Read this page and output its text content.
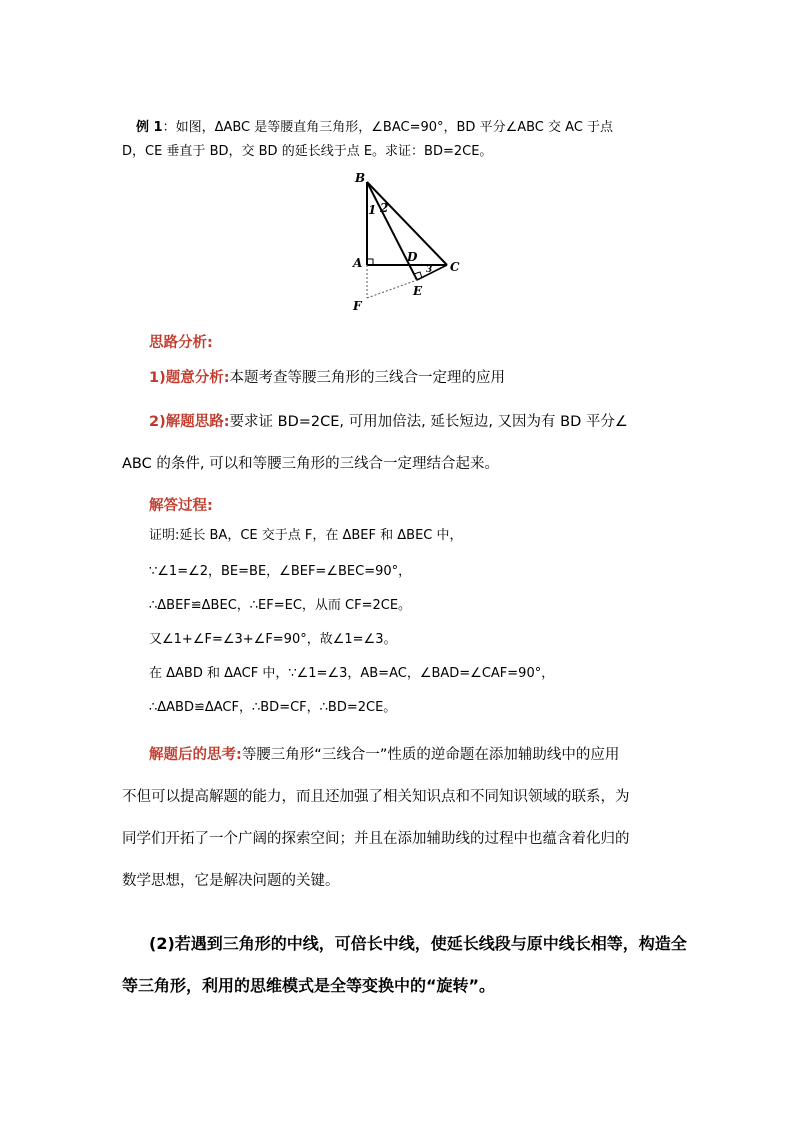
例 1：如图，ΔABC 是等腰直角三角形，∠BAC=90°，BD 平分∠ABC 交 AC 于点
D，CE 垂直于 BD，交 BD 的延长线于点 E。求证：BD=2CE。
B
A	C
D
E
F
1 2
3
思路分析:
1)题意分析:本题考查等腰三角形的三线合一定理的应用
2)解题思路:要求证 BD=2CE, 可用加倍法, 延长短边, 又因为有 BD 平分∠
ABC 的条件, 可以和等腰三角形的三线合一定理结合起来。
解答过程:
证明:延长 BA，CE 交于点 F，在 ΔBEF 和 ΔBEC 中，
∵∠1=∠2，BE=BE，∠BEF=∠BEC=90°，
∴ΔBEF≌ΔBEC，∴EF=EC，从而 CF=2CE。
又∠1+∠F=∠3+∠F=90°，故∠1=∠3。
在 ΔABD 和 ΔACF 中，∵∠1=∠3，AB=AC，∠BAD=∠CAF=90°，
∴ΔABD≌ΔACF，∴BD=CF，∴BD=2CE。
解题后的思考:等腰三角形“三线合一”性质的逆命题在添加辅助线中的应用
不但可以提高解题的能力，而且还加强了相关知识点和不同知识领域的联系，为
同学们开拓了一个广阔的探索空间；并且在添加辅助线的过程中也蕴含着化归的
数学思想，它是解决问题的关键。
(2)若遇到三角形的中线，可倍长中线，使延长线段与原中线长相等，构造全
等三角形，利用的思维模式是全等变换中的“旋转”。
